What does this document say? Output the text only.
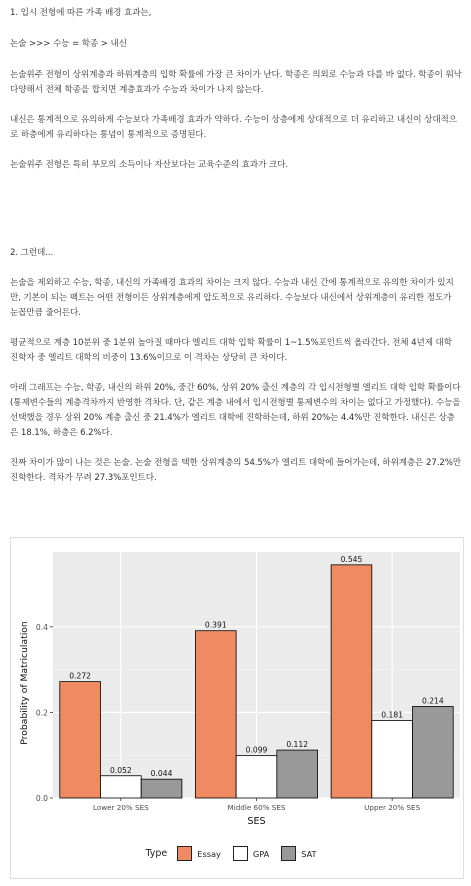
1. 입시 전형에 따른 가족 배경 효과는,

논술 >>> 수능 = 학종 > 내신

논술위주 전형이 상위계층과 하위계층의 입학 확률에 가장 큰 차이가 난다. 학종은 의외로 수능과 다를 바 없다. 학종이 워낙 다양해서 전체 학종을 합치면 계층효과가 수능과 차이가 나지 않는다.

내신은 통계적으로 유의하게 수능보다 가족배경 효과가 약하다. 수능이 상층에게 상대적으로 더 유리하고 내신이 상대적으로 하층에게 유리하다는 통념이 통계적으로 증명된다.

논술위주 전형은 특히 부모의 소득이나 자산보다는 교육수준의 효과가 크다.

2. 그런데...

논술을 제외하고 수능, 학종, 내신의 가족배경 효과의 차이는 크지 않다. 수능과 내신 간에 통계적으로 유의한 차이가 있지만, 기본이 되는 팩트는 어떤 전형이든 상위계층에게 압도적으로 유리하다. 수능보다 내신에서 상위계층이 유리한 정도가 눈꼽만큼 줄어든다.

평균적으로 계층 10분위 중 1분위 높아질 때마다 엘리트 대학 입학 확률이 1~1.5%포인트씩 올라간다. 전체 4년제 대학 진학자 중 엘리트 대학의 비중이 13.6%이므로 이 격차는 상당히 큰 차이다.

아래 그래프는 수능, 학종, 내신의 하위 20%, 중간 60%, 상위 20% 출신 계층의 각 입시전형별 엘리트 대학 입학 확률이다 (통제변수들의 계층격차까지 반영한 격차다. 단, 같은 계층 내에서 입시전형별 통제변수의 차이는 없다고 가정했다). 수능을 선택했을 경우 상위 20% 계층 출신 중 21.4%가 엘리트 대학에 진학하는데, 하위 20%는 4.4%만 진학한다. 내신은 상층은 18.1%, 하층은 6.2%다.

진짜 차이가 많이 나는 것은 논술. 논술 전형을 택한 상위계층의 54.5%가 엘리트 대학에 들어가는데, 하위계층은 27.2%만 진학한다. 격차가 무려 27.3%포인트다.

0.0
0.2
0.4
0.272
0.052 0.044
Lower 20% SES
0.391
0.099
0.112
Middle 60% SES
0.545
0.181
0.214
Upper 20% SES
SES
Probability of Matriculation
Type	Essay	GPA	SAT
